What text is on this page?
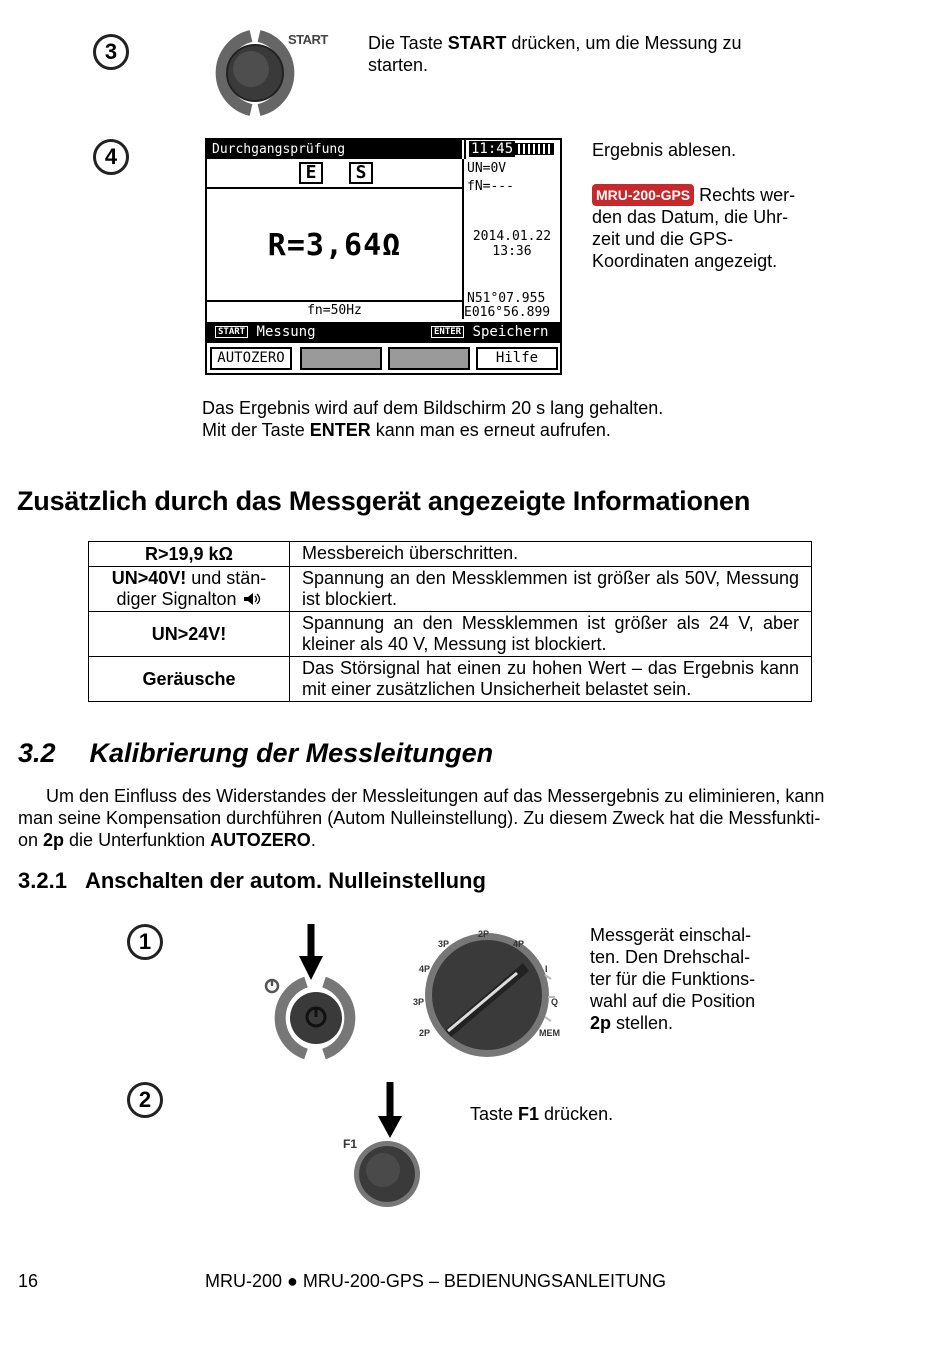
3	START Die Taste START drücken, um die Messung zu
starten.
4	Durchgangsprüfung	11:45
E	S
R=3,64Ω
fn=50Hz
UN=0V
fN=---
2014.01.22
13:36
N51°07.955
E016°56.899
START Messung	ENTER Speichern
AUTOZERO	Hilfe
Ergebnis ablesen.
MRU-200-GPS Rechts wer-
den das Datum, die Uhr-
zeit und die GPS-
Koordinaten angezeigt.
Das Ergebnis wird auf dem Bildschirm 20 s lang gehalten.
Mit der Taste ENTER kann man es erneut aufrufen.
Zusätzlich durch das Messgerät angezeigte Informationen
R>19,9 kΩ	Messbereich überschritten.
UN>40V! und stän-
diger Signalton	Spannung an den Messklemmen ist größer als 50V, Messung ist blockiert.
UN>24V!	Spannung an den Messklemmen ist größer als 24 V, aber kleiner als 40 V, Messung ist blockiert.
Geräusche	Das Störsignal hat einen zu hohen Wert – das Ergebnis kann mit einer zusätzlichen Unsicherheit belastet sein.
3.2 Kalibrierung der Messleitungen
Um den Einfluss des Widerstandes der Messleitungen auf das Messergebnis zu eliminieren, kann
man seine Kompensation durchführen (Autom Nulleinstellung). Zu diesem Zweck hat die Messfunkti-
on 2p die Unterfunktion AUTOZERO.
3.2.1 Anschalten der autom. Nulleinstellung
1	3P
2P
4P
4P
3P
2P
I
Q
MEM
Messgerät einschal-
ten. Den Drehschal-
ter für die Funktions-
wahl auf die Position
2p stellen.
2
F1
Taste F1 drücken.
16	MRU-200 ● MRU-200-GPS – BEDIENUNGSANLEITUNG
